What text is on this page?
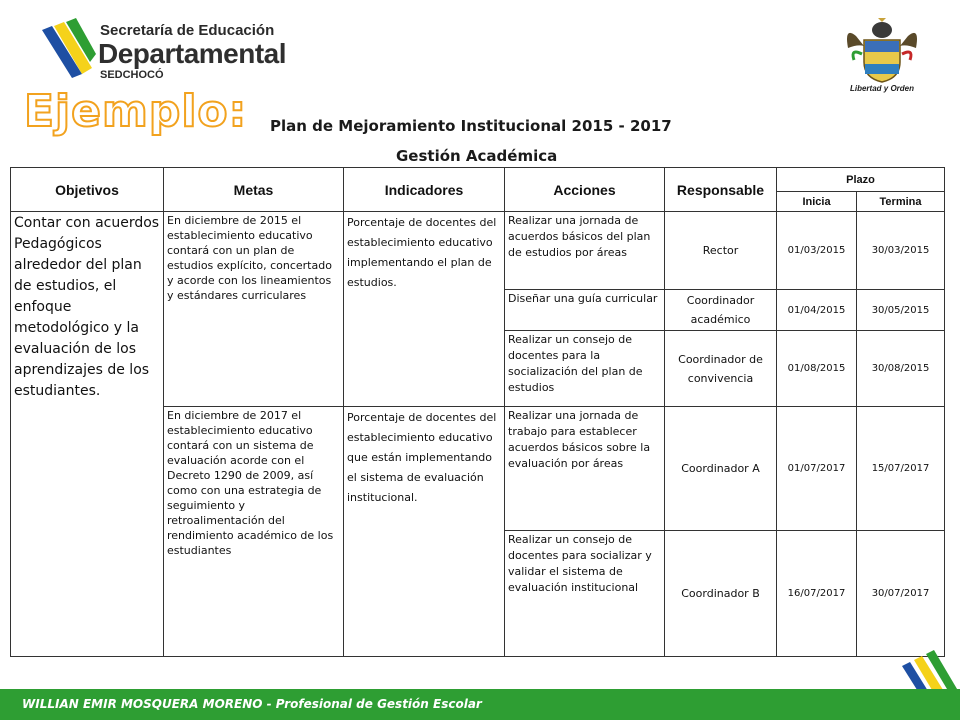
Secretaría de Educación
Departamental
SEDCHOCÓ
Libertad y Orden
Ejemplo: Plan de Mejoramiento Institucional 2015 - 2017
Gestión Académica
Objetivos	Metas	Indicadores	Acciones	Responsable	Plazo	
					Inicia	Termina
Contar con acuerdos Pedagógicos alrededor del plan de estudios, el enfoque metodológico y la evaluación de los aprendizajes de los estudiantes.	En diciembre de 2015 el establecimiento educativo contará con un plan de estudios explícito, concertado y acorde con los lineamientos y estándares curriculares	Porcentaje de docentes del establecimiento educativo implementando el plan de estudios.	Realizar una jornada de acuerdos básicos del plan de estudios por áreas	Rector	01/03/2015	30/03/2015
			Diseñar una guía curricular	Coordinador académico	01/04/2015	30/05/2015
			Realizar un consejo de docentes para la socialización del plan de estudios	Coordinador de convivencia	01/08/2015	30/08/2015
	En diciembre de 2017 el establecimiento educativo contará con un sistema de evaluación acorde con el Decreto 1290 de 2009, así como con una estrategia de seguimiento y retroalimentación del rendimiento académico de los estudiantes	Porcentaje de docentes del establecimiento educativo que están implementando el sistema de evaluación institucional.	Realizar una jornada de trabajo para establecer acuerdos básicos sobre la evaluación por áreas	Coordinador A	01/07/2017	15/07/2017
			Realizar un consejo de docentes para socializar y validar el sistema de evaluación institucional	Coordinador B	16/07/2017	30/07/2017
WILLIAN EMIR MOSQUERA MORENO - Profesional de Gestión Escolar
